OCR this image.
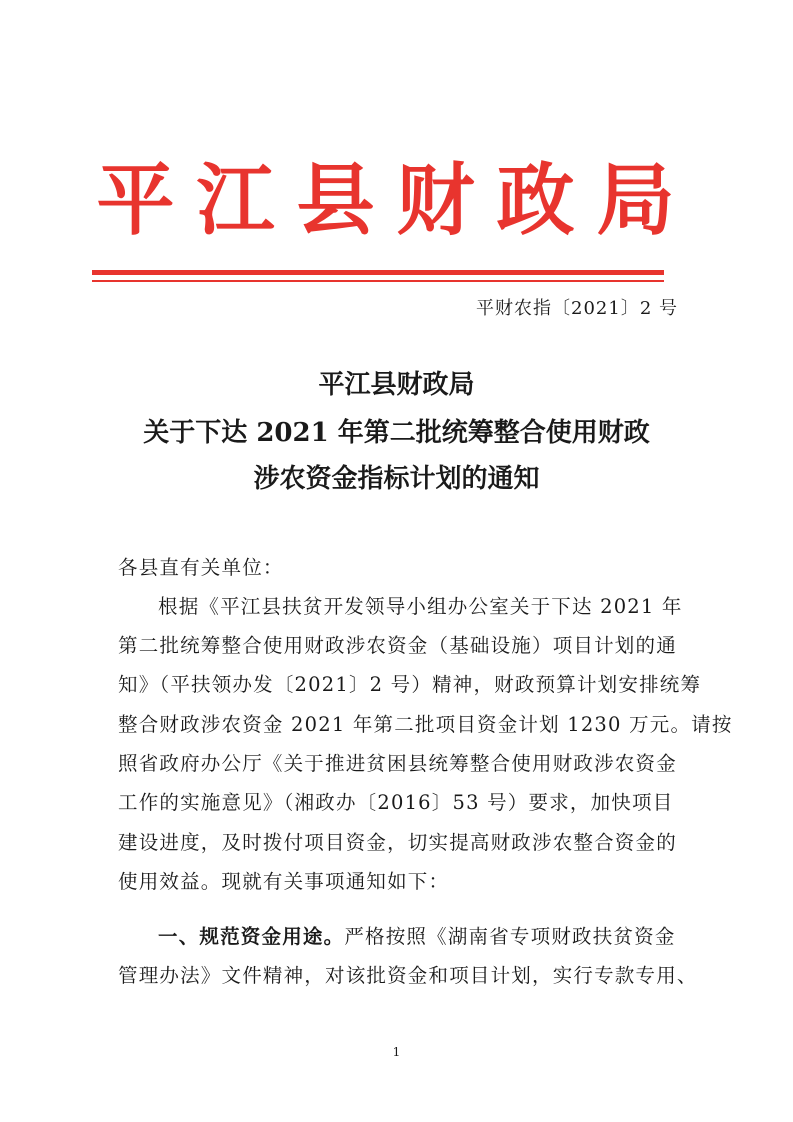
平江县财政局
平财农指〔2021〕2 号
平江县财政局
关于下达 2021 年第二批统筹整合使用财政
涉农资金指标计划的通知
各县直有关单位：
根据《平江县扶贫开发领导小组办公室关于下达 2021 年
第二批统筹整合使用财政涉农资金（基础设施）项目计划的通
知》（平扶领办发〔2021〕2 号）精神，财政预算计划安排统筹
整合财政涉农资金 2021 年第二批项目资金计划 1230 万元。请按
照省政府办公厅《关于推进贫困县统筹整合使用财政涉农资金
工作的实施意见》（湘政办〔2016〕53 号）要求，加快项目
建设进度，及时拨付项目资金，切实提高财政涉农整合资金的
使用效益。现就有关事项通知如下：
一、规范资金用途。严格按照《湖南省专项财政扶贫资金
管理办法》文件精神，对该批资金和项目计划，实行专款专用、
1
